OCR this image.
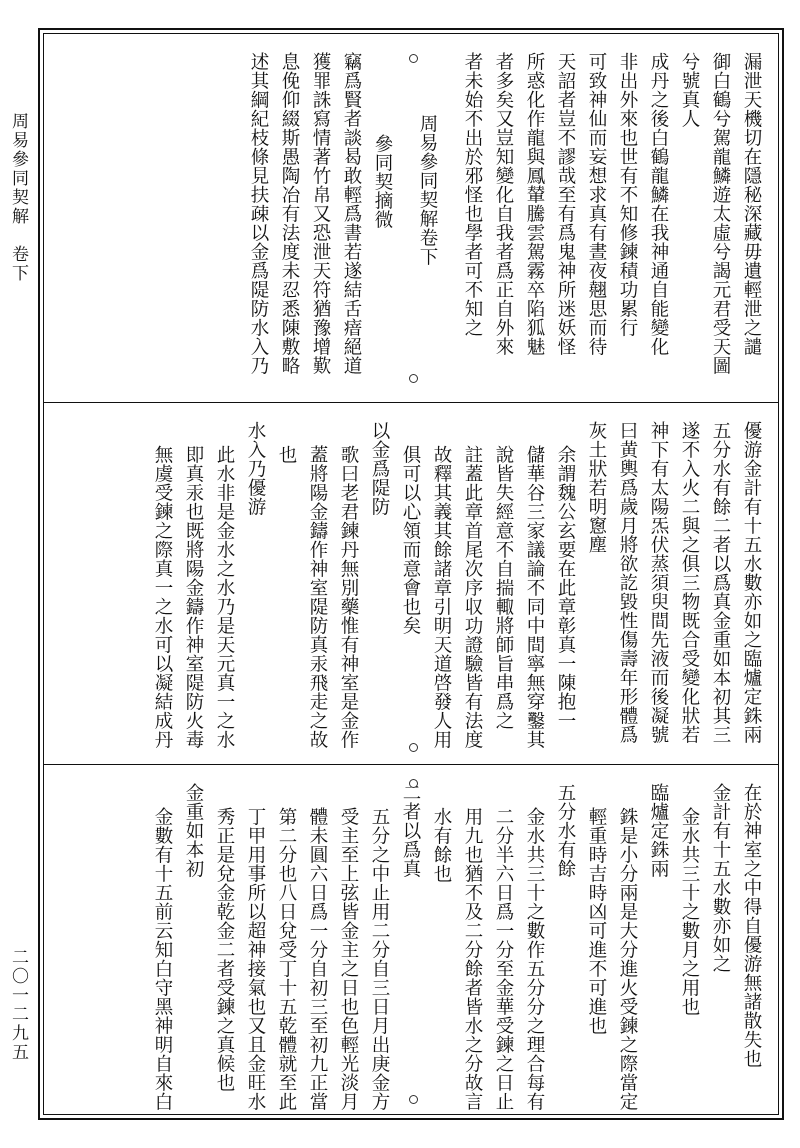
周易參同契解　卷下
二〇一二九五
漏泄天機切在隱秘深藏毋遺輕泄之譴
御白鶴兮駕龍鱗遊太虛兮謁元君受天圖
兮號真人
成丹之後白鶴龍鱗在我神通自能變化
非出外來也世有不知修鍊積功累行
可致神仙而妄想求真有晝夜翹思而待
天詔者豈不謬哉至有爲鬼神所迷妖怪
所惑化作龍與鳳輦騰雲駕霧卒陷狐魅
者多矣又豈知變化自我者爲正自外來
者未始不出於邪怪也學者可不知之
周易參同契解卷下
參同契摘微
竊爲賢者談曷敢輕爲書若遂結舌瘖絕道
獲罪誅寫情著竹帛又恐泄天符猶豫增歎
息俛仰綴斯愚陶冶有法度未忍悉陳敷略
述其綱紀枝條見扶疎以金爲隄防水入乃
優游金計有十五水數亦如之臨爐定銖兩
五分水有餘二者以爲真金重如本初其三
遂不入火二與之俱三物既合受變化狀若
神下有太陽炁伏蒸須臾間先液而後凝號
曰黄輿爲歲月將欲訖毀性傷壽年形體爲
灰土狀若明窻塵
余謂魏公玄要在此章彰真一陳抱一
儲華谷三家議論不同中間寧無穿鑿其
說皆失經意不自揣輙將師旨串爲之
註蓋此章首尾次序収功證驗皆有法度
故釋其義其餘諸章引明天道啓發人用
俱可以心領而意會也矣
以金爲隄防
歌曰老君鍊丹無別藥惟有神室是金作
蓋將陽金鑄作神室隄防真汞飛走之故
也
水入乃優游
此水非是金水之水乃是天元真一之水
即真汞也既將陽金鑄作神室隄防火毒
無虞受鍊之際真一之水可以凝結成丹
在於神室之中得自優游無諸散失也
金計有十五水數亦如之
金水共三十之數月之用也
臨爐定銖兩
銖是小分兩是大分進火受鍊之際當定
輕重時吉時凶可進不可進也
五分水有餘
金水共三十之數作五分分之理合每有
二分半六日爲一分至金華受鍊之日止
用九也猶不及二分餘者皆水之分故言
水有餘也
二者以爲真
五分之中止用二分自三日月出庚金方
受主至上弦皆金主之日也色輕光淡月
體未圓六日爲一分自初三至初九正當
第二分也八日兌受丁十五乾體就至此
丁甲用事所以超神接氣也又且金旺水
秀正是兌金乾金二者受鍊之真候也
金重如本初
金數有十五前云知白守黑神明自來白
